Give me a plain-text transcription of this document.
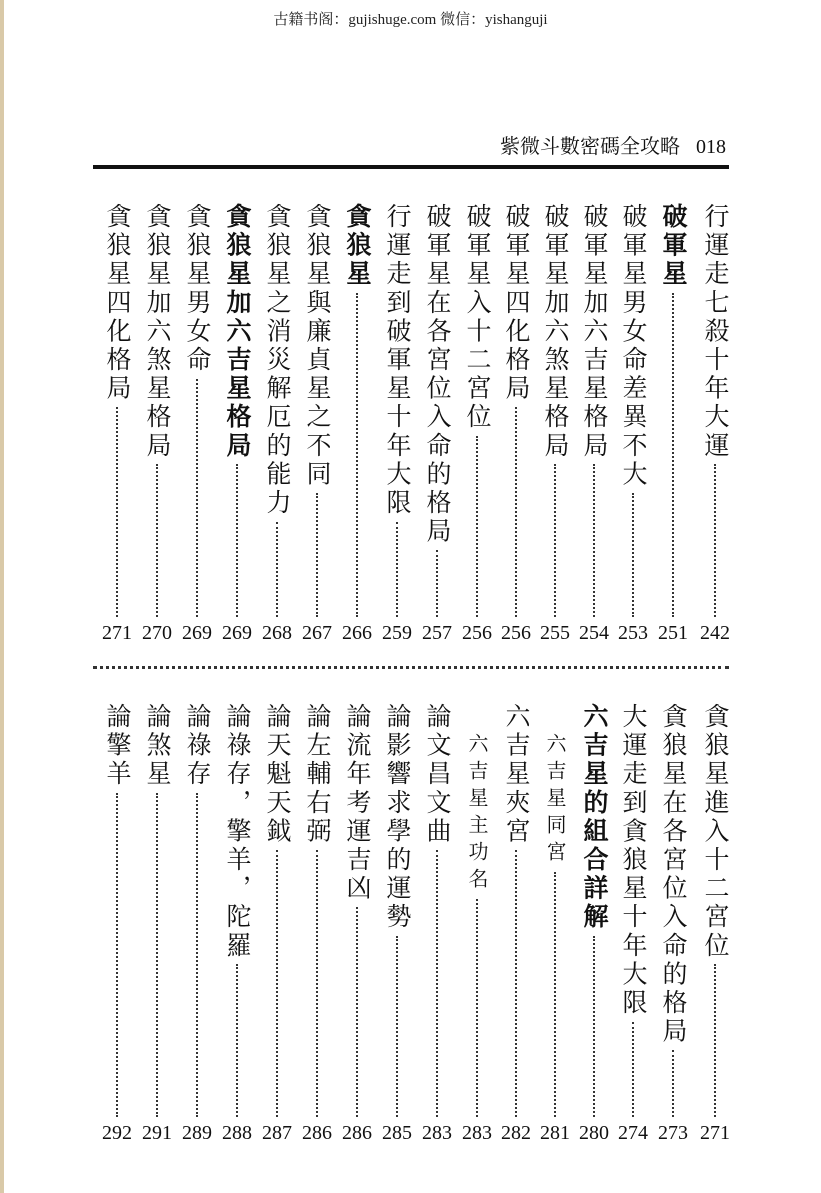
古籍书阁：gujishuge.com 微信：yishanguji
紫微斗數密碼全攻略 018
行運走七殺十年大運
242
破軍星
251
破軍星男女命差異不大
253
破軍星加六吉星格局
254
破軍星加六煞星格局
255
破軍星四化格局
256
破軍星入十二宮位
256
破軍星在各宮位入命的格局
257
行運走到破軍星十年大限
259
貪狼星
266
貪狼星與廉貞星之不同
267
貪狼星之消災解厄的能力
268
貪狼星加六吉星格局
269
貪狼星男女命
269
貪狼星加六煞星格局
270
貪狼星四化格局
271
貪狼星進入十二宮位
271
貪狼星在各宮位入命的格局
273
大運走到貪狼星十年大限
274
六吉星的組合詳解
280
六吉星同宮
281
六吉星夾宮
282
六吉星主功名
283
論文昌文曲
283
論影響求學的運勢
285
論流年考運吉凶
286
論左輔右弼
286
論天魁天鉞
287
論祿存，擎羊，陀羅
288
論祿存
289
論煞星
291
論擎羊
292
